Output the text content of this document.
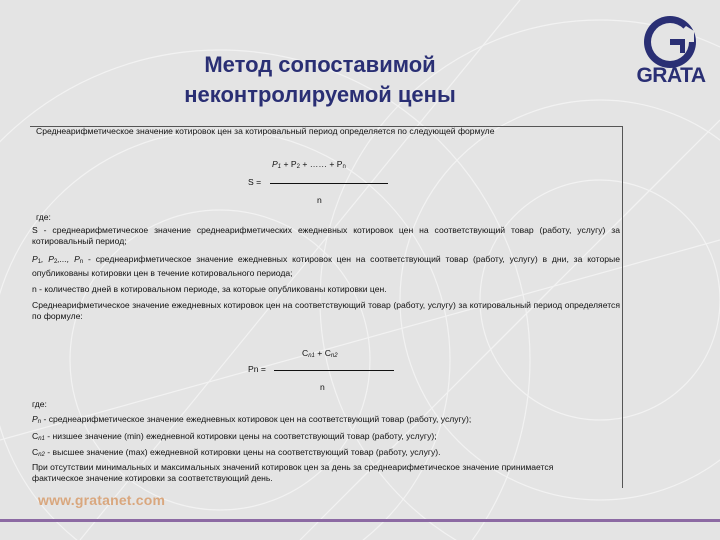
Метод сопоставимой
неконтролируемой цены
GRATA
Среднеарифметическое значение котировок цен за котировальный период определяется по следующей формуле
$P_1 + P_2$ + …… + $P_n$
S =
n
где:
S - среднеарифметическое значение среднеарифметических ежедневных котировок цен на соответствующий товар (работу, услугу) за котировальный период;
$P_1$, $P_2$,..., $P_n$ - среднеарифметическое значение ежедневных котировок цен на соответствующий товар (работу, услугу) в дни, за которые опубликованы котировки цен в течение котировального периода;
n - количество дней в котировальном периоде, за которые опубликованы котировки цен.
Среднеарифметическое значение ежедневных котировок цен на соответствующий товар (работу, услугу) за котировальный период определяется по формуле:
$С_{n1} + С_{n2}$
Pn =
n
где:
$P_n$ - среднеарифметическое значение ежедневных котировок цен на соответствующий товар (работу, услугу);
$С_{n1}$ - низшее значение (min) ежедневной котировки цены на соответствующий товар (работу, услугу);
$С_{n2}$ - высшее значение (max) ежедневной котировки цены на соответствующий товар (работу, услугу).
При отсутствии минимальных и максимальных значений котировок цен за день за среднеарифметическое значение принимается фактическое значение котировки за соответствующий день.
www.gratanet.com
